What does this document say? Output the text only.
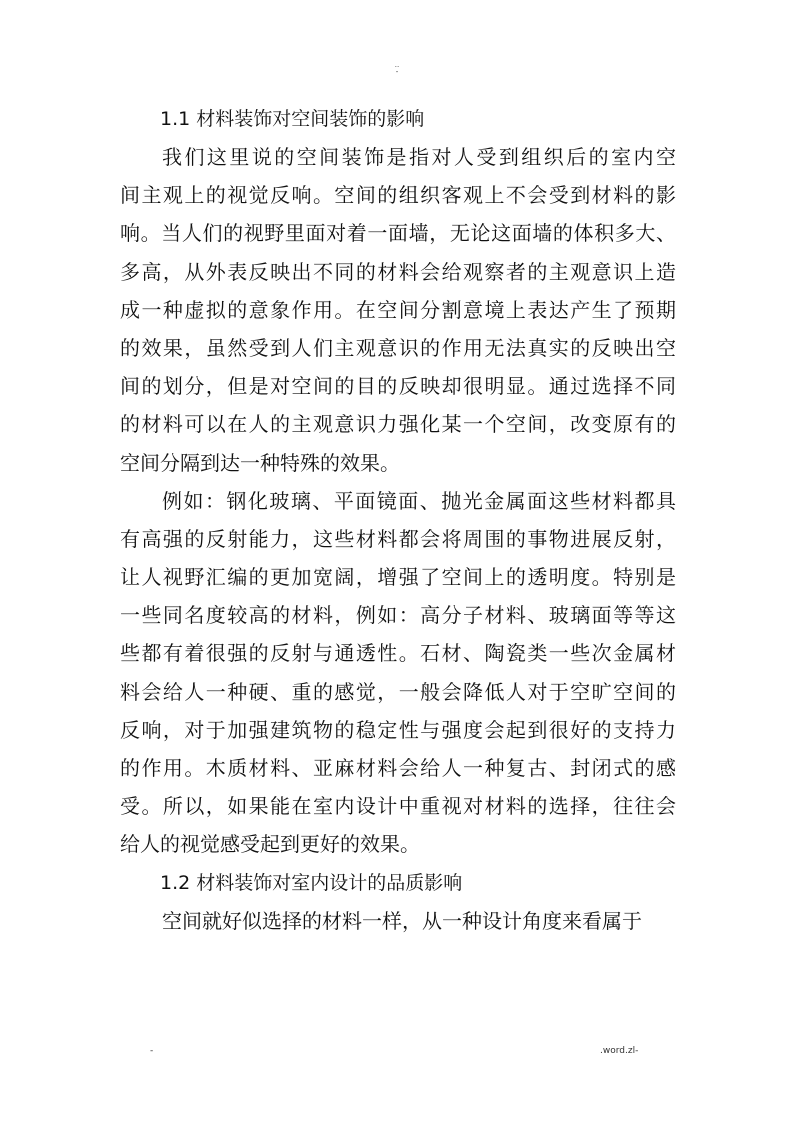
..
-
1.1 材料装饰对空间装饰的影响
我们这里说的空间装饰是指对人受到组织后的室内空
间主观上的视觉反响。空间的组织客观上不会受到材料的影
响。当人们的视野里面对着一面墙，无论这面墙的体积多大、
多高，从外表反映出不同的材料会给观察者的主观意识上造
成一种虚拟的意象作用。在空间分割意境上表达产生了预期
的效果，虽然受到人们主观意识的作用无法真实的反映出空
间的划分，但是对空间的目的反映却很明显。通过选择不同
的材料可以在人的主观意识力强化某一个空间，改变原有的
空间分隔到达一种特殊的效果。
例如：钢化玻璃、平面镜面、抛光金属面这些材料都具
有高强的反射能力，这些材料都会将周围的事物进展反射，
让人视野汇编的更加宽阔，增强了空间上的透明度。特别是
一些同名度较高的材料，例如：高分子材料、玻璃面等等这
些都有着很强的反射与通透性。石材、陶瓷类一些次金属材
料会给人一种硬、重的感觉，一般会降低人对于空旷空间的
反响，对于加强建筑物的稳定性与强度会起到很好的支持力
的作用。木质材料、亚麻材料会给人一种复古、封闭式的感
受。所以，如果能在室内设计中重视对材料的选择，往往会
给人的视觉感受起到更好的效果。
1.2 材料装饰对室内设计的品质影响
空间就好似选择的材料一样，从一种设计角度来看属于
-	.word.zl-
